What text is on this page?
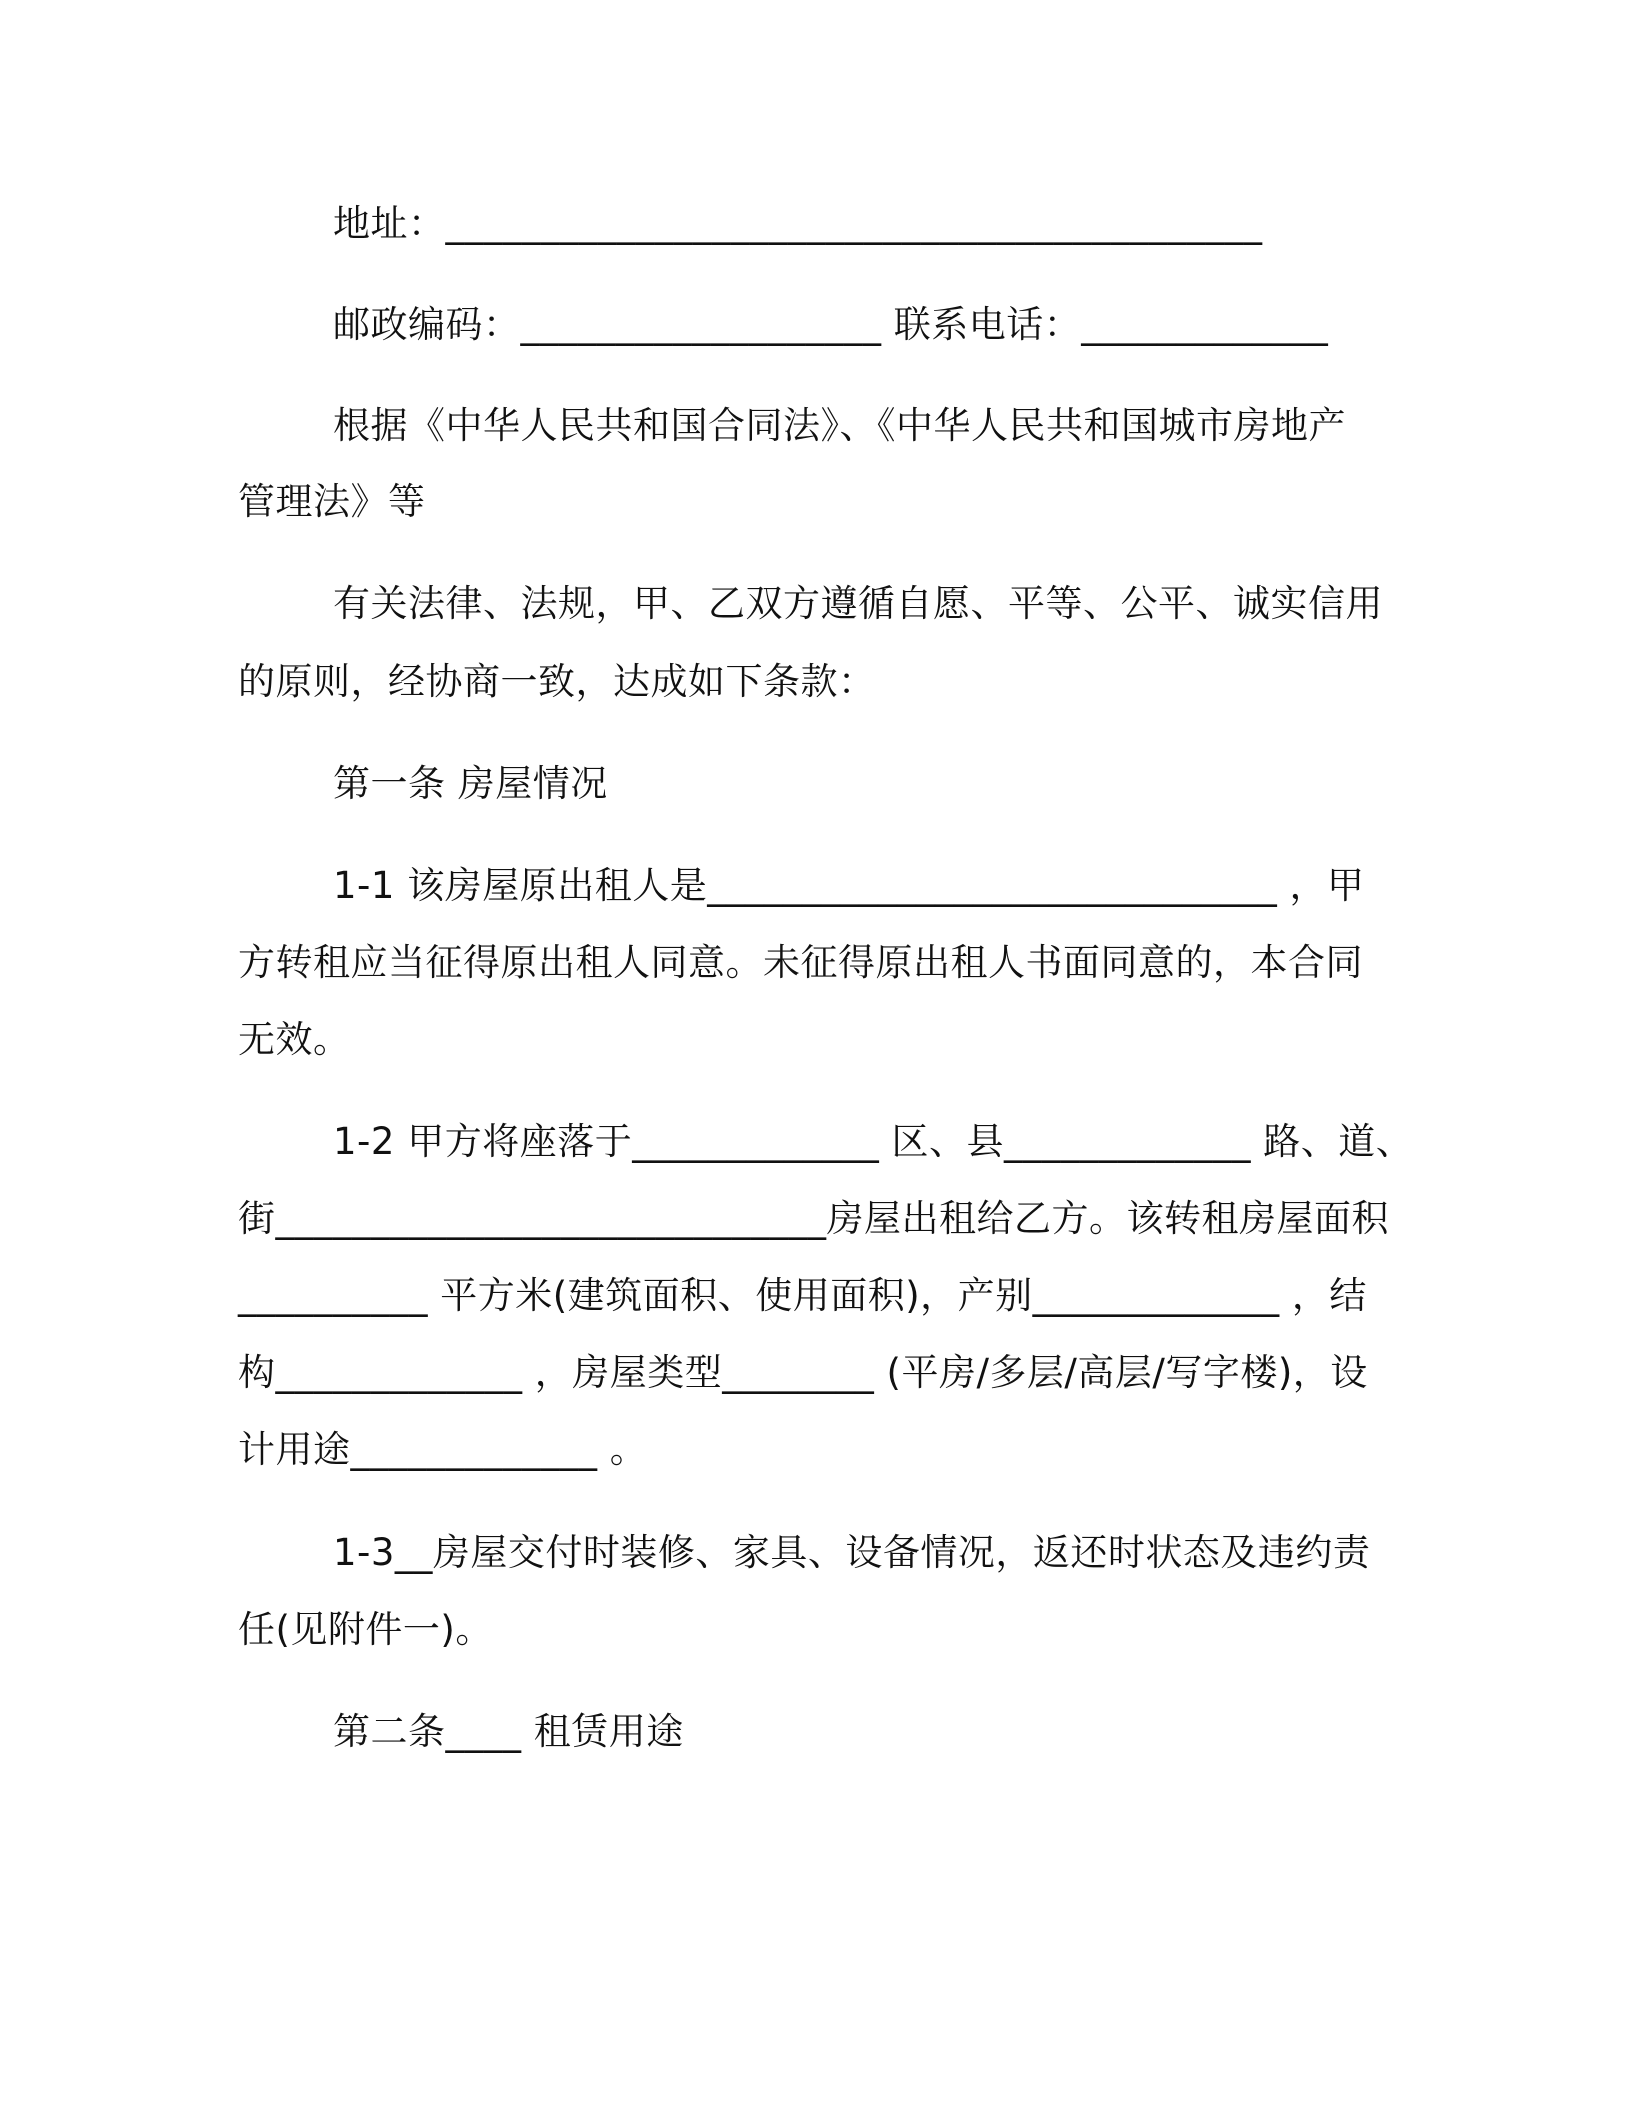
地址：___________________________________________
邮政编码：___________________ 联系电话：_____________
根据《中华人民共和国合同法》、《中华人民共和国城市房地产
管理法》等
有关法律、法规，甲、乙双方遵循自愿、平等、公平、诚实信用
的原则，经协商一致，达成如下条款：
第一条 房屋情况
1-1 该房屋原出租人是______________________________ ，甲
方转租应当征得原出租人同意。未征得原出租人书面同意的，本合同
无效。
1-2 甲方将座落于_____________ 区、县_____________ 路、道、
街_____________________________房屋出租给乙方。该转租房屋面积
__________ 平方米(建筑面积、使用面积)，产别_____________ ，结
构_____________ ，房屋类型________ (平房/多层/高层/写字楼)，设
计用途_____________ 。
1-3__房屋交付时装修、家具、设备情况，返还时状态及违约责
任(见附件一)。
第二条____ 租赁用途
